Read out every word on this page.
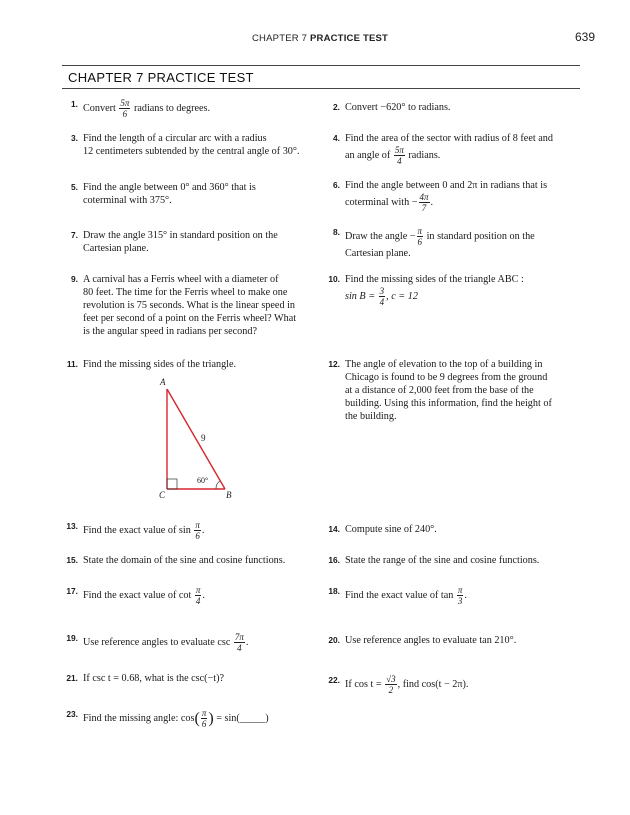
CHAPTER 7 PRACTICE TEST	639
CHAPTER 7 PRACTICE TEST
1. Convert $\frac{5\pi}{6}$ radians to degrees.	2. Convert −620° to radians.
3. Find the length of a circular arc with a radius
12 centimeters subtended by the central angle of 30°.
4. Find the area of the sector with radius of 8 feet and
an angle of $\frac{5\pi}{4}$ radians.
5. Find the angle between 0° and 360° that is
coterminal with 375°.
6. Find the angle between 0 and 2π in radians that is
coterminal with − $\frac{4\pi}{7}$ .
7. Draw the angle 315° in standard position on the
Cartesian plane.
8. Draw the angle − $\frac{\pi}{6}$ in standard position on the
Cartesian plane.
9. A carnival has a Ferris wheel with a diameter of
80 feet. The time for the Ferris wheel to make one
revolution is 75 seconds. What is the linear speed in
feet per second of a point on the Ferris wheel? What
is the angular speed in radians per second?
10. Find the missing sides of the triangle ABC :
$\sin B = \frac{3}{4}$ , c = 12
11. Find the missing sides of the triangle.
A
C	B
9
60°
12. The angle of elevation to the top of a building in
Chicago is found to be 9 degrees from the ground
at a distance of 2,000 feet from the base of the
building. Using this information, find the height of
the building.
13. Find the exact value of $\sin \frac{\pi}{6}$ .	14. Compute sine of 240°.
15. State the domain of the sine and cosine functions.	16. State the range of the sine and cosine functions.
17. Find the exact value of $\cot \frac{\pi}{4}$ .	18. Find the exact value of $\tan \frac{\pi}{3}$ .
19. Use reference angles to evaluate $\csc \frac{7\pi}{4}$ .	20. Use reference angles to evaluate tan 210°.
21. If csc t = 0.68, what is the csc(−t)?	22. If $\cos t = \frac{√3}{2}$ , find cos(t − 2π).
23. Find the missing angle: $\cos( \frac{\pi}{6}$ ) = sin(_____)
